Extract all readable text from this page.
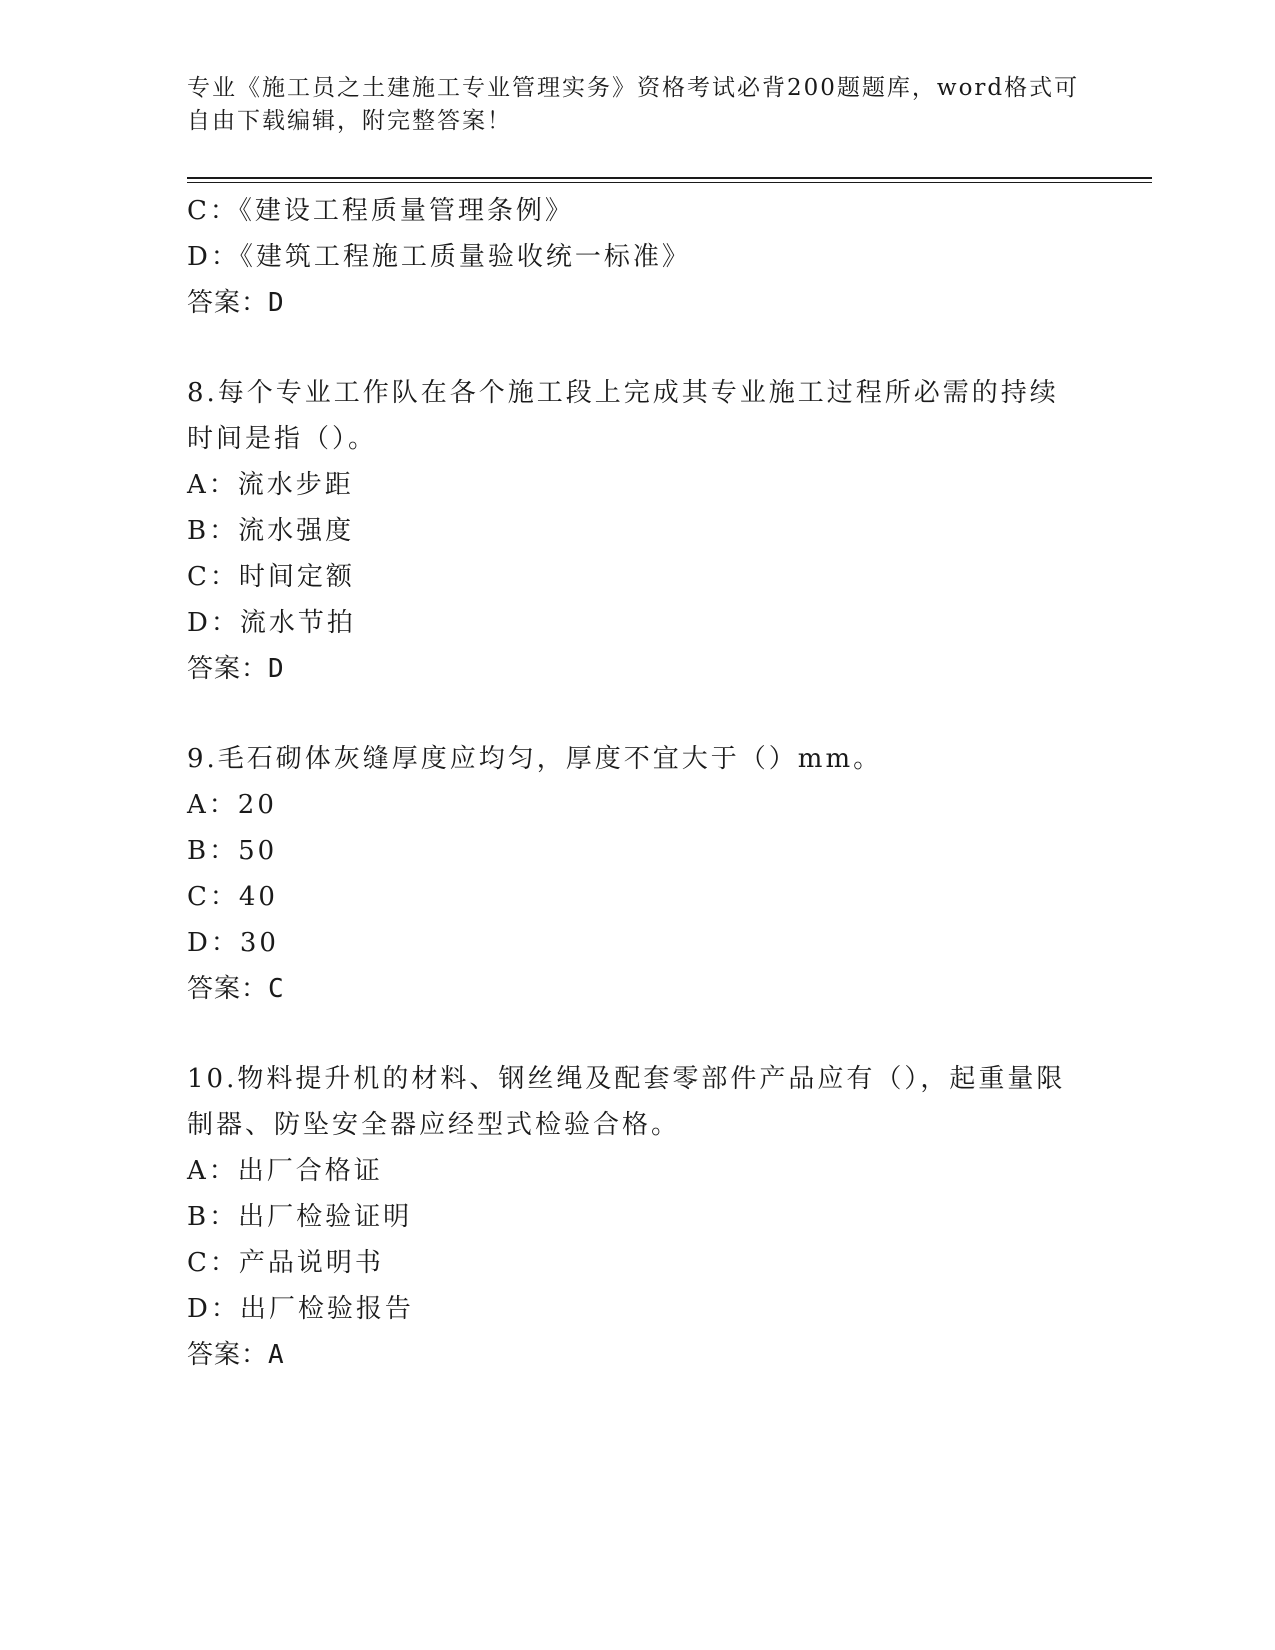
专业《施工员之土建施工专业管理实务》资格考试必背200题题库，word格式可
自由下载编辑，附完整答案！
C：《建设工程质量管理条例》
D：《建筑工程施工质量验收统一标准》
答案：D
8.每个专业工作队在各个施工段上完成其专业施工过程所必需的持续
时间是指（）。
A：流水步距
B：流水强度
C：时间定额
D：流水节拍
答案：D
9.毛石砌体灰缝厚度应均匀，厚度不宜大于（）mm。
A：20
B：50
C：40
D：30
答案：C
10.物料提升机的材料、钢丝绳及配套零部件产品应有（），起重量限
制器、防坠安全器应经型式检验合格。
A：出厂合格证
B：出厂检验证明
C：产品说明书
D：出厂检验报告
答案：A
